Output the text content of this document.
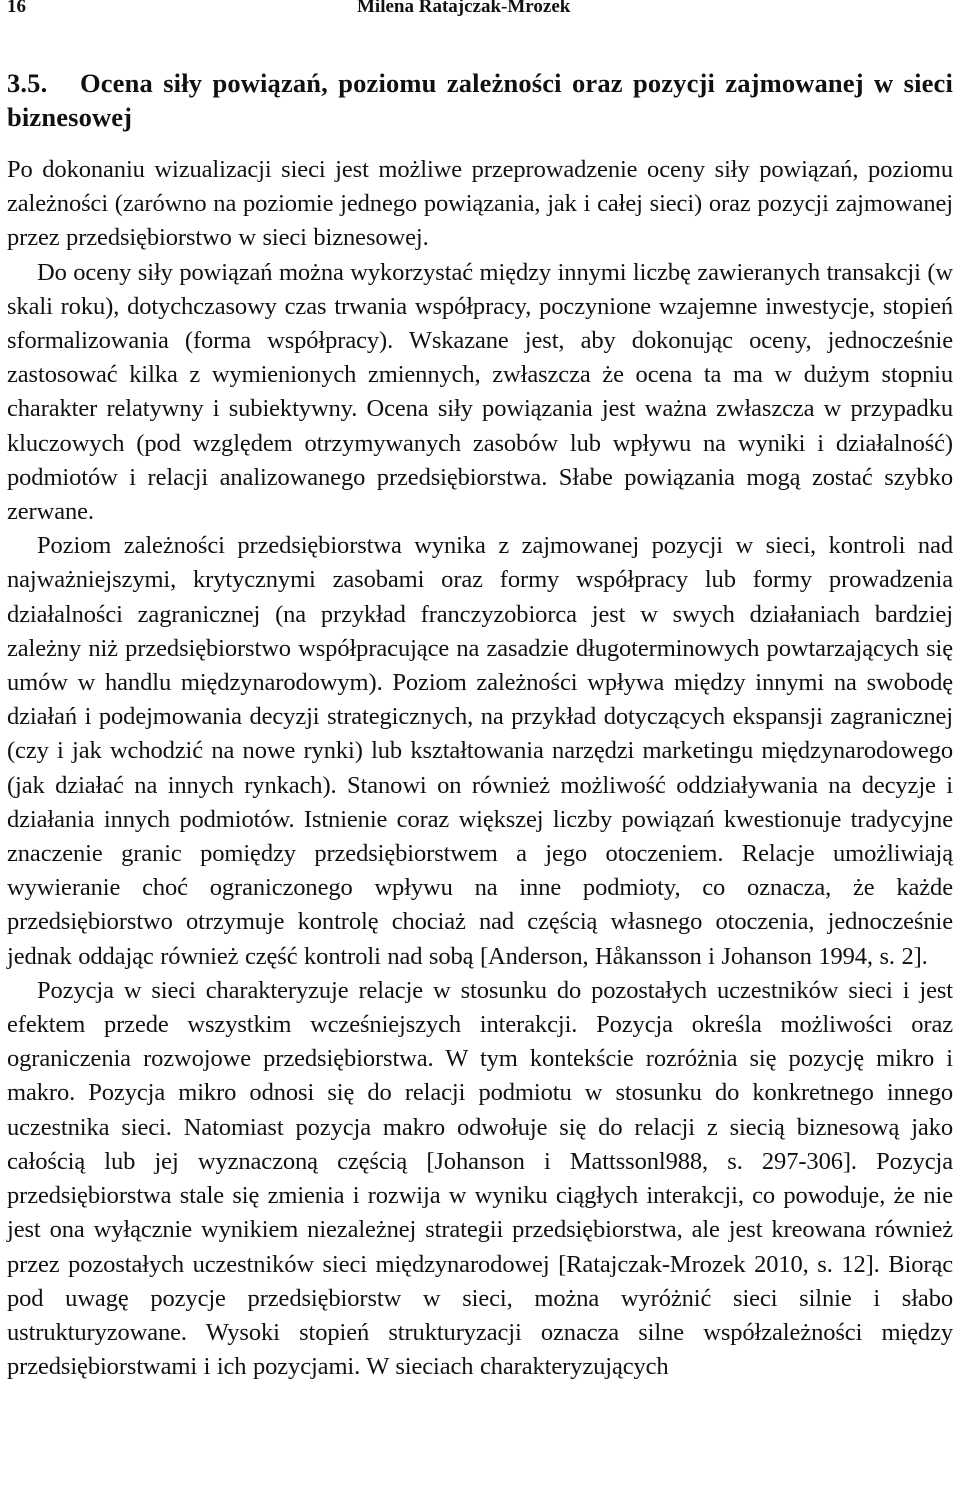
16	Milena Ratajczak-Mrozek
3.5. Ocena siły powiązań, poziomu zależności oraz pozycji zajmowanej w sieci biznesowej

Po dokonaniu wizualizacji sieci jest możliwe przeprowadzenie oceny siły powiązań, poziomu zależności (zarówno na poziomie jednego powiązania, jak i całej sieci) oraz pozycji zajmowanej przez przedsiębiorstwo w sieci biznesowej.

Do oceny siły powiązań można wykorzystać między innymi liczbę zawieranych transakcji (w skali roku), dotychczasowy czas trwania współpracy, poczynione wzajemne inwestycje, stopień sformalizowania (forma współpracy). Wskazane jest, aby dokonując oceny, jednocześnie zastosować kilka z wymienionych zmiennych, zwłaszcza że ocena ta ma w dużym stopniu charakter relatywny i subiektywny. Ocena siły powiązania jest ważna zwłaszcza w przypadku kluczowych (pod względem otrzymywanych zasobów lub wpływu na wyniki i działalność) podmiotów i relacji analizowanego przedsiębiorstwa. Słabe powiązania mogą zostać szybko zerwane.

Poziom zależności przedsiębiorstwa wynika z zajmowanej pozycji w sieci, kontroli nad najważniejszymi, krytycznymi zasobami oraz formy współpracy lub formy prowadzenia działalności zagranicznej (na przykład franczyzobiorca jest w swych działaniach bardziej zależny niż przedsiębiorstwo współpracujące na zasadzie długoterminowych powtarzających się umów w handlu międzynarodowym). Poziom zależności wpływa między innymi na swobodę działań i podejmowania decyzji strategicznych, na przykład dotyczących ekspansji zagranicznej (czy i jak wchodzić na nowe rynki) lub kształtowania narzędzi marketingu międzynarodowego (jak działać na innych rynkach). Stanowi on również możliwość oddziaływania na decyzje i działania innych podmiotów. Istnienie coraz większej liczby powiązań kwestionuje tradycyjne znaczenie granic pomiędzy przedsiębiorstwem a jego otoczeniem. Relacje umożliwiają wywieranie choć ograniczonego wpływu na inne podmioty, co oznacza, że każde przedsiębiorstwo otrzymuje kontrolę chociaż nad częścią własnego otoczenia, jednocześnie jednak oddając również część kontroli nad sobą [Anderson, Håkansson i Johanson 1994, s. 2].

Pozycja w sieci charakteryzuje relacje w stosunku do pozostałych uczestników sieci i jest efektem przede wszystkim wcześniejszych interakcji. Pozycja określa możliwości oraz ograniczenia rozwojowe przedsiębiorstwa. W tym kontekście rozróżnia się pozycję mikro i makro. Pozycja mikro odnosi się do relacji podmiotu w stosunku do konkretnego innego uczestnika sieci. Natomiast pozycja makro odwołuje się do relacji z siecią biznesową jako całością lub jej wyznaczoną częścią [Johanson i Mattssonl988, s. 297-306]. Pozycja przedsiębiorstwa stale się zmienia i rozwija w wyniku ciągłych interakcji, co powoduje, że nie jest ona wyłącznie wynikiem niezależnej strategii przedsiębiorstwa, ale jest kreowana również przez pozostałych uczestników sieci międzynarodowej [Ratajczak-Mrozek 2010, s. 12]. Biorąc pod uwagę pozycje przedsiębiorstw w sieci, można wyróżnić sieci silnie i słabo ustrukturyzowane. Wysoki stopień strukturyzacji oznacza silne współzależności między przedsiębiorstwami i ich pozycjami. W sieciach charakteryzujących
